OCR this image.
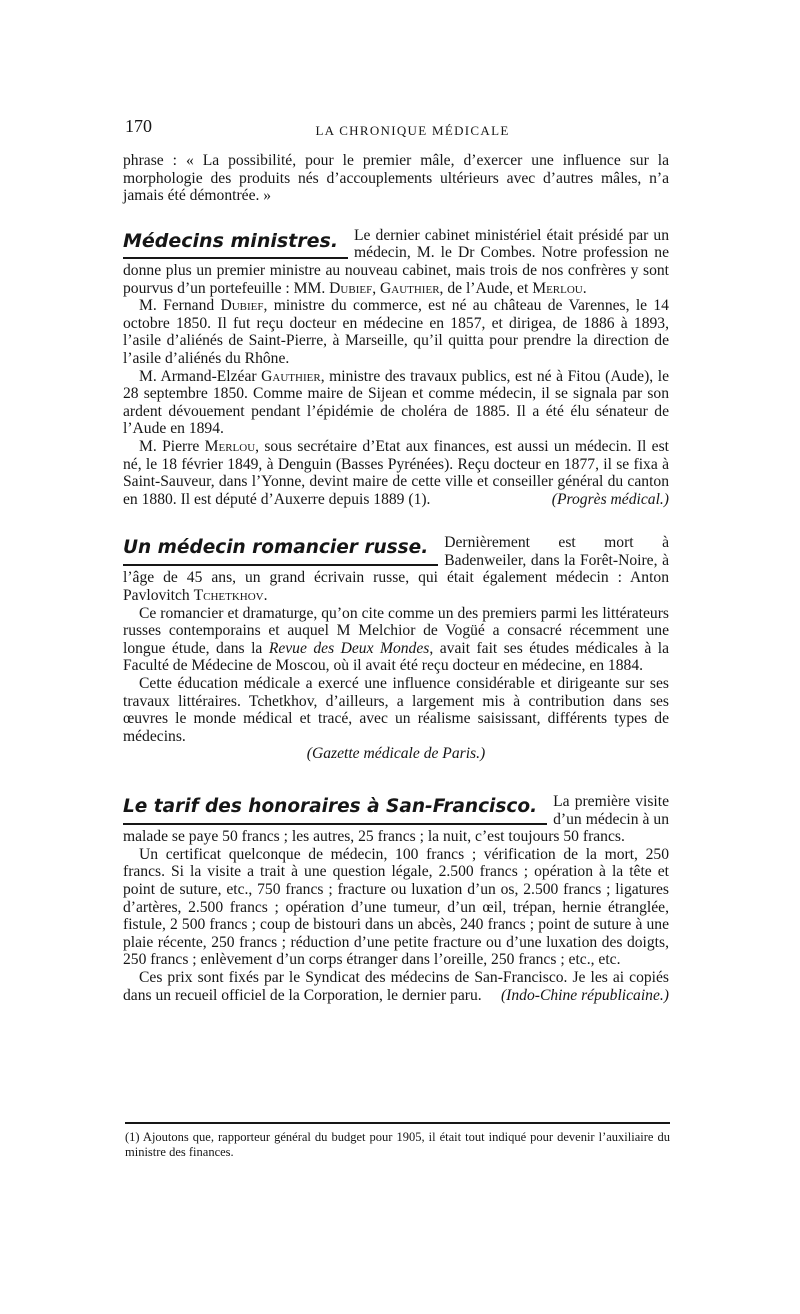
170	LA CHRONIQUE MÉDICALE

phrase : « La possibilité, pour le premier mâle, d’exercer une influence sur la morphologie des produits nés d’accouplements ultérieurs avec d’autres mâles, n’a jamais été démontrée. »

Médecins ministres.	Le dernier cabinet ministériel était présidé par un médecin, M. le Dr Combes. Notre profession ne donne plus un premier ministre au nouveau cabinet, mais trois de nos confrères y sont pourvus d’un portefeuille : MM. Dubief, Gauthier, de l’Aude, et Merlou.

M. Fernand Dubief, ministre du commerce, est né au château de Varennes, le 14 octobre 1850. Il fut reçu docteur en médecine en 1857, et dirigea, de 1886 à 1893, l’asile d’aliénés de Saint-Pierre, à Marseille, qu’il quitta pour prendre la direction de l’asile d’aliénés du Rhône.

M. Armand-Elzéar Gauthier, ministre des travaux publics, est né à Fitou (Aude), le 28 septembre 1850. Comme maire de Sijean et comme médecin, il se signala par son ardent dévouement pendant l’épidémie de choléra de 1885. Il a été élu sénateur de l’Aude en 1894.

M. Pierre Merlou, sous secrétaire d’Etat aux finances, est aussi un médecin. Il est né, le 18 février 1849, à Denguin (Basses Pyrénées). Reçu docteur en 1877, il se fixa à Saint-Sauveur, dans l’Yonne, devint maire de cette ville et conseiller général du canton en 1880. Il est député d’Auxerre depuis 1889 (1).	(Progrès médical.)

Un médecin romancier russe.	Dernièrement est mort à Badenweiler, dans la Forêt-Noire, à l’âge de 45 ans, un grand écrivain russe, qui était également médecin : Anton Pavlovitch Tchetkhov.

Ce romancier et dramaturge, qu’on cite comme un des premiers parmi les littérateurs russes contemporains et auquel M Melchior de Vogüé a consacré récemment une longue étude, dans la Revue des Deux Mondes, avait fait ses études médicales à la Faculté de Médecine de Moscou, où il avait été reçu docteur en médecine, en 1884.

Cette éducation médicale a exercé une influence considérable et dirigeante sur ses travaux littéraires. Tchetkhov, d’ailleurs, a largement mis à contribution dans ses œuvres le monde médical et tracé, avec un réalisme saisissant, différents types de médecins.

(Gazette médicale de Paris.)

Le tarif des honoraires à San-Francisco.	La première visite d’un médecin à un malade se paye 50 francs ; les autres, 25 francs ; la nuit, c’est toujours 50 francs.

Un certificat quelconque de médecin, 100 francs ; vérification de la mort, 250 francs. Si la visite a trait à une question légale, 2.500 francs ; opération à la tête et point de suture, etc., 750 francs ; fracture ou luxation d’un os, 2.500 francs ; ligatures d’artères, 2.500 francs ; opération d’une tumeur, d’un œil, trépan, hernie étranglée, fistule, 2 500 francs ; coup de bistouri dans un abcès, 240 francs ; point de suture à une plaie récente, 250 francs ; réduction d’une petite fracture ou d’une luxation des doigts, 250 francs ; enlèvement d’un corps étranger dans l’oreille, 250 francs ; etc., etc.

Ces prix sont fixés par le Syndicat des médecins de San-Francisco. Je les ai copiés dans un recueil officiel de la Corporation, le dernier paru.	(Indo-Chine républicaine.)

(1) Ajoutons que, rapporteur général du budget pour 1905, il était tout indiqué pour devenir l’auxiliaire du ministre des finances.
